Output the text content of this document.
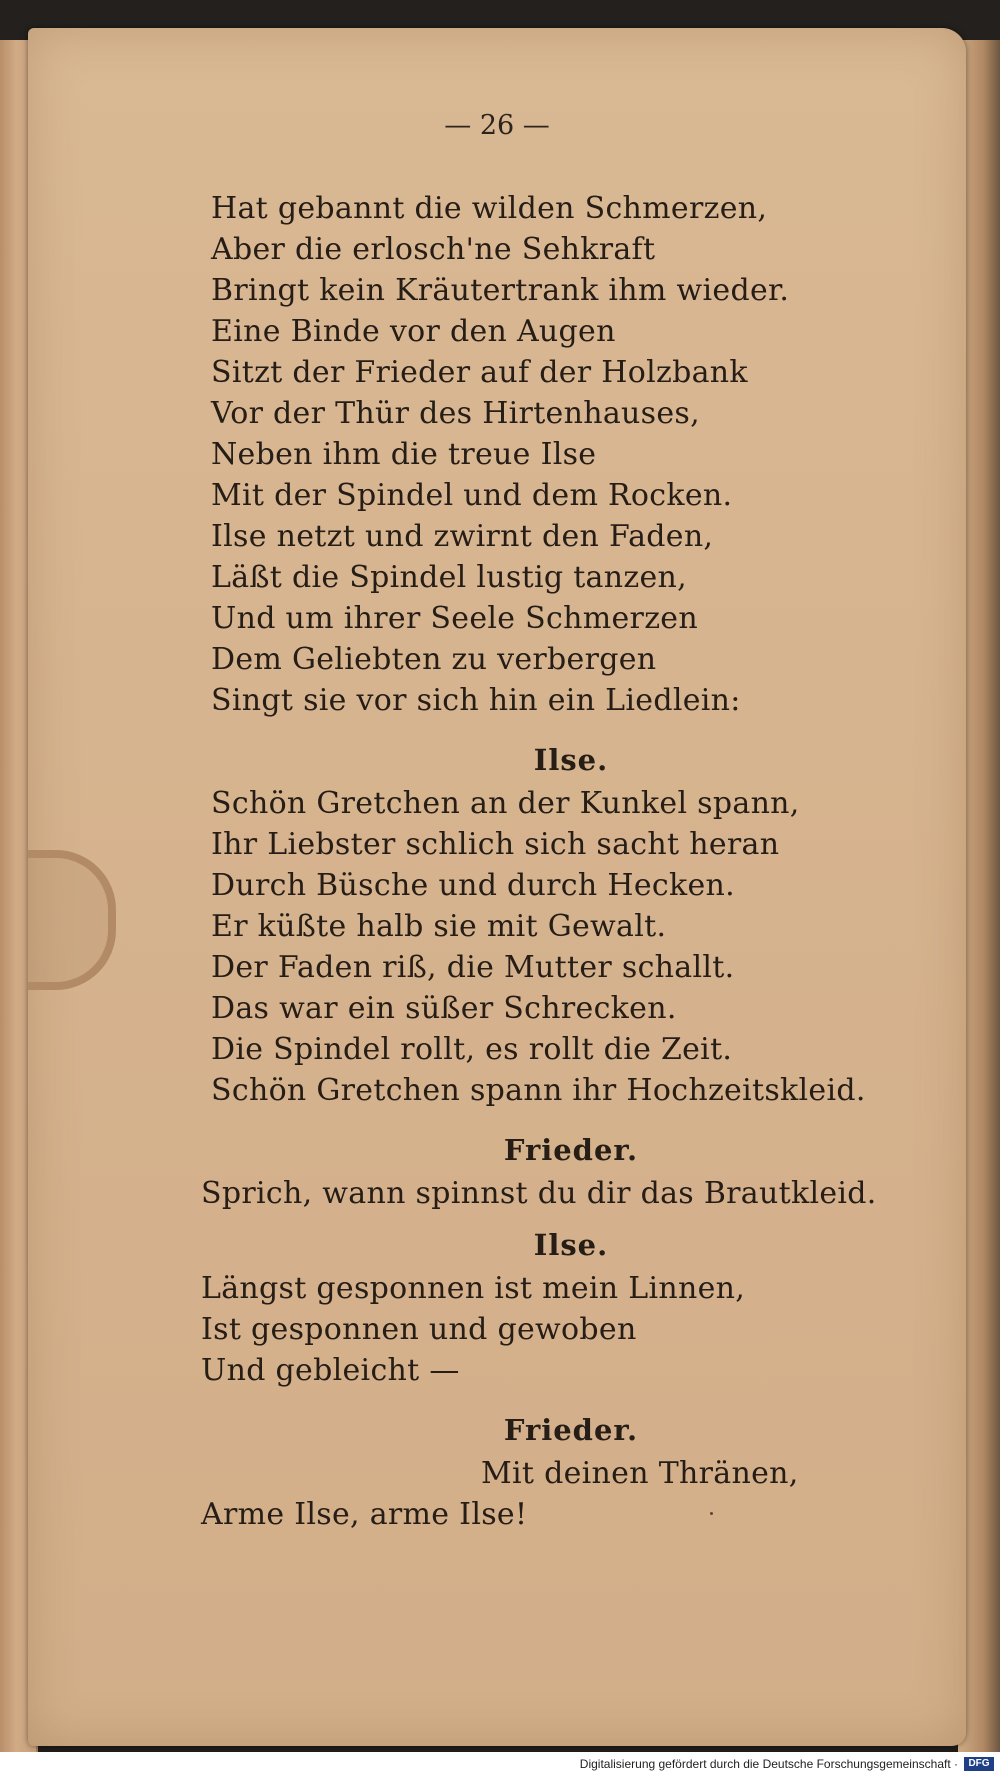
— 26 —
Hat gebannt die wilden Schmerzen,
Aber die erlosch'ne Sehkraft
Bringt kein Kräutertrank ihm wieder.
Eine Binde vor den Augen
Sitzt der Frieder auf der Holzbank
Vor der Thür des Hirtenhauses,
Neben ihm die treue Ilse
Mit der Spindel und dem Rocken.
Ilse netzt und zwirnt den Faden,
Läßt die Spindel lustig tanzen,
Und um ihrer Seele Schmerzen
Dem Geliebten zu verbergen
Singt sie vor sich hin ein Liedlein:
Ilse.
Schön Gretchen an der Kunkel spann,
Ihr Liebster schlich sich sacht heran
Durch Büsche und durch Hecken.
Er küßte halb sie mit Gewalt.
Der Faden riß, die Mutter schallt.
Das war ein süßer Schrecken.
Die Spindel rollt, es rollt die Zeit.
Schön Gretchen spann ihr Hochzeitskleid.
Frieder.
Sprich, wann spinnst du dir das Brautkleid.
Ilse.
Längst gesponnen ist mein Linnen,
Ist gesponnen und gewoben
Und gebleicht —
Frieder.
Mit deinen Thränen,
Arme Ilse, arme Ilse!
Digitalisierung gefördert durch die Deutsche Forschungsgemeinschaft ·	DFG
